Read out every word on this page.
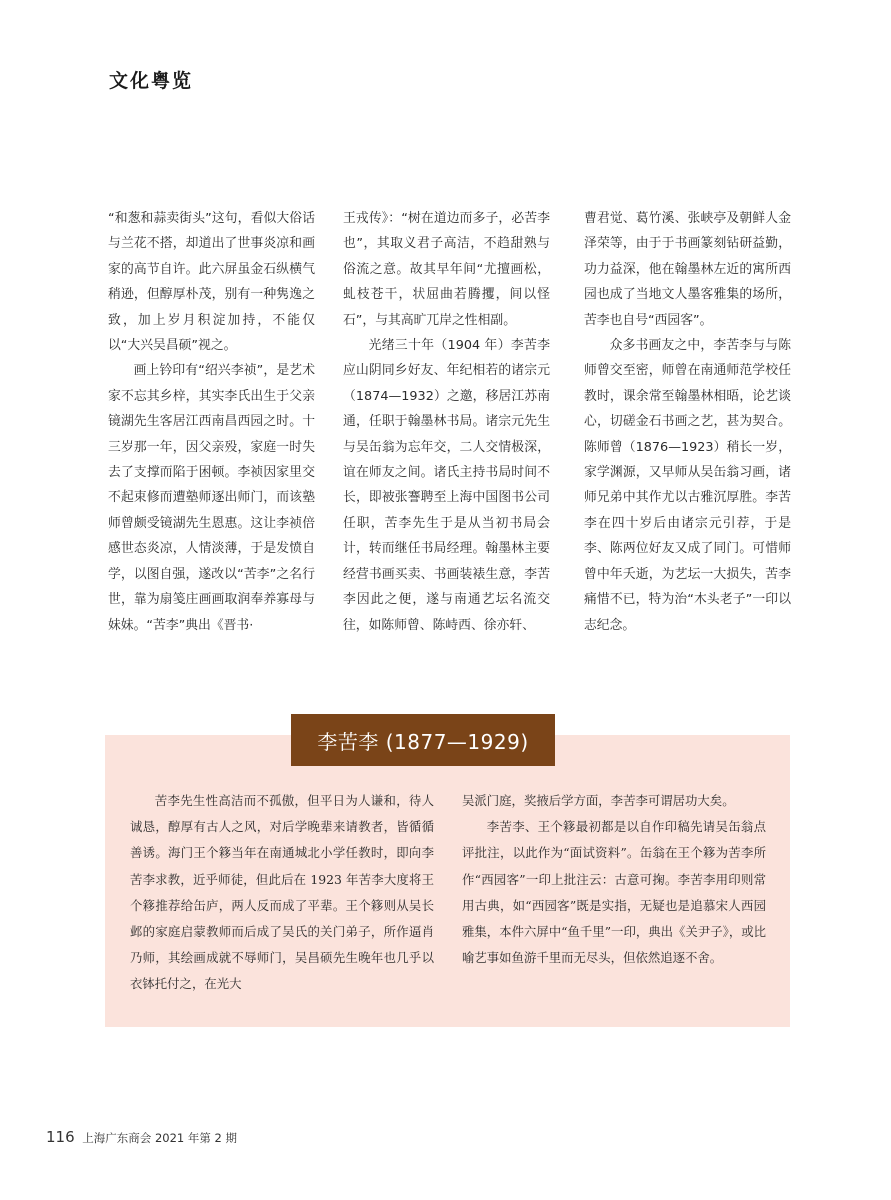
文化粤览

“和葱和蒜卖街头”这句，看似大俗话与兰花不搭，却道出了世事炎凉和画家的高节自许。此六屏虽金石纵横气稍逊，但醇厚朴茂，别有一种隽逸之致，加上岁月积淀加持，不能仅以“大兴吴昌硕”视之。

画上钤印有“绍兴李祯”，是艺术家不忘其乡梓，其实李氏出生于父亲镜湖先生客居江西南昌西园之时。十三岁那一年，因父亲殁，家庭一时失去了支撑而陷于困顿。李祯因家里交不起束修而遭塾师逐出师门，而该塾师曾颇受镜湖先生恩惠。这让李祯倍感世态炎凉，人情淡薄，于是发愤自学，以图自强，遂改以“苦李”之名行世，靠为扇笺庄画画取润奉养寡母与妹妹。“苦李”典出《晋书·

王戎传》：“树在道边而多子，必苦李也”，其取义君子高洁，不趋甜熟与俗流之意。故其早年间“尤擅画松，虬枝苍干，状屈曲若腾攫，间以怪石”，与其高旷兀岸之性相副。

光绪三十年（1904 年）李苦李应山阴同乡好友、年纪相若的诸宗元（1874—1932）之邀，移居江苏南通，任职于翰墨林书局。诸宗元先生与吴缶翁为忘年交，二人交情极深，谊在师友之间。诸氏主持书局时间不长，即被张謇聘至上海中国图书公司任职，苦李先生于是从当初书局会计，转而继任书局经理。翰墨林主要经营书画买卖、书画装裱生意，李苦李因此之便，遂与南通艺坛名流交往，如陈师曾、陈峙西、徐亦轩、

曹君觉、葛竹溪、张峡亭及朝鲜人金泽荣等，由于于书画篆刻钻研益勤，功力益深，他在翰墨林左近的寓所西园也成了当地文人墨客雅集的场所，苦李也自号“西园客”。

众多书画友之中，李苦李与与陈师曾交至密，师曾在南通师范学校任教时，课余常至翰墨林相晤，论艺谈心，切磋金石书画之艺，甚为契合。陈师曾（1876—1923）稍长一岁，家学渊源，又早师从吴缶翁习画，诸师兄弟中其作尤以古雅沉厚胜。李苦李在四十岁后由诸宗元引荐，于是李、陈两位好友又成了同门。可惜师曾中年夭逝，为艺坛一大损失，苦李痛惜不已，特为治“木头老子”一印以志纪念。

李苦李 (1877—1929)

苦李先生性高洁而不孤傲，但平日为人谦和，待人诚恳，醇厚有古人之风，对后学晚辈来请教者，皆循循善诱。海门王个簃当年在南通城北小学任教时，即向李苦李求教，近乎师徒，但此后在 1923 年苦李大度将王个簃推荐给缶庐，两人反而成了平辈。王个簃则从吴长邺的家庭启蒙教师而后成了吴氏的关门弟子，所作逼肖乃师，其绘画成就不辱师门，吴昌硕先生晚年也几乎以衣钵托付之，在光大

吴派门庭，奖掖后学方面，李苦李可谓居功大矣。

李苦李、王个簃最初都是以自作印稿先请吴缶翁点评批注，以此作为“面试资料”。缶翁在王个簃为苦李所作“西园客”一印上批注云：古意可掬。李苦李用印则常用古典，如“西园客”既是实指，无疑也是追慕宋人西园雅集，本件六屏中“鱼千里”一印，典出《关尹子》，或比喻艺事如鱼游千里而无尽头，但依然追逐不舍。

116 上海广东商会 2021 年第 2 期
